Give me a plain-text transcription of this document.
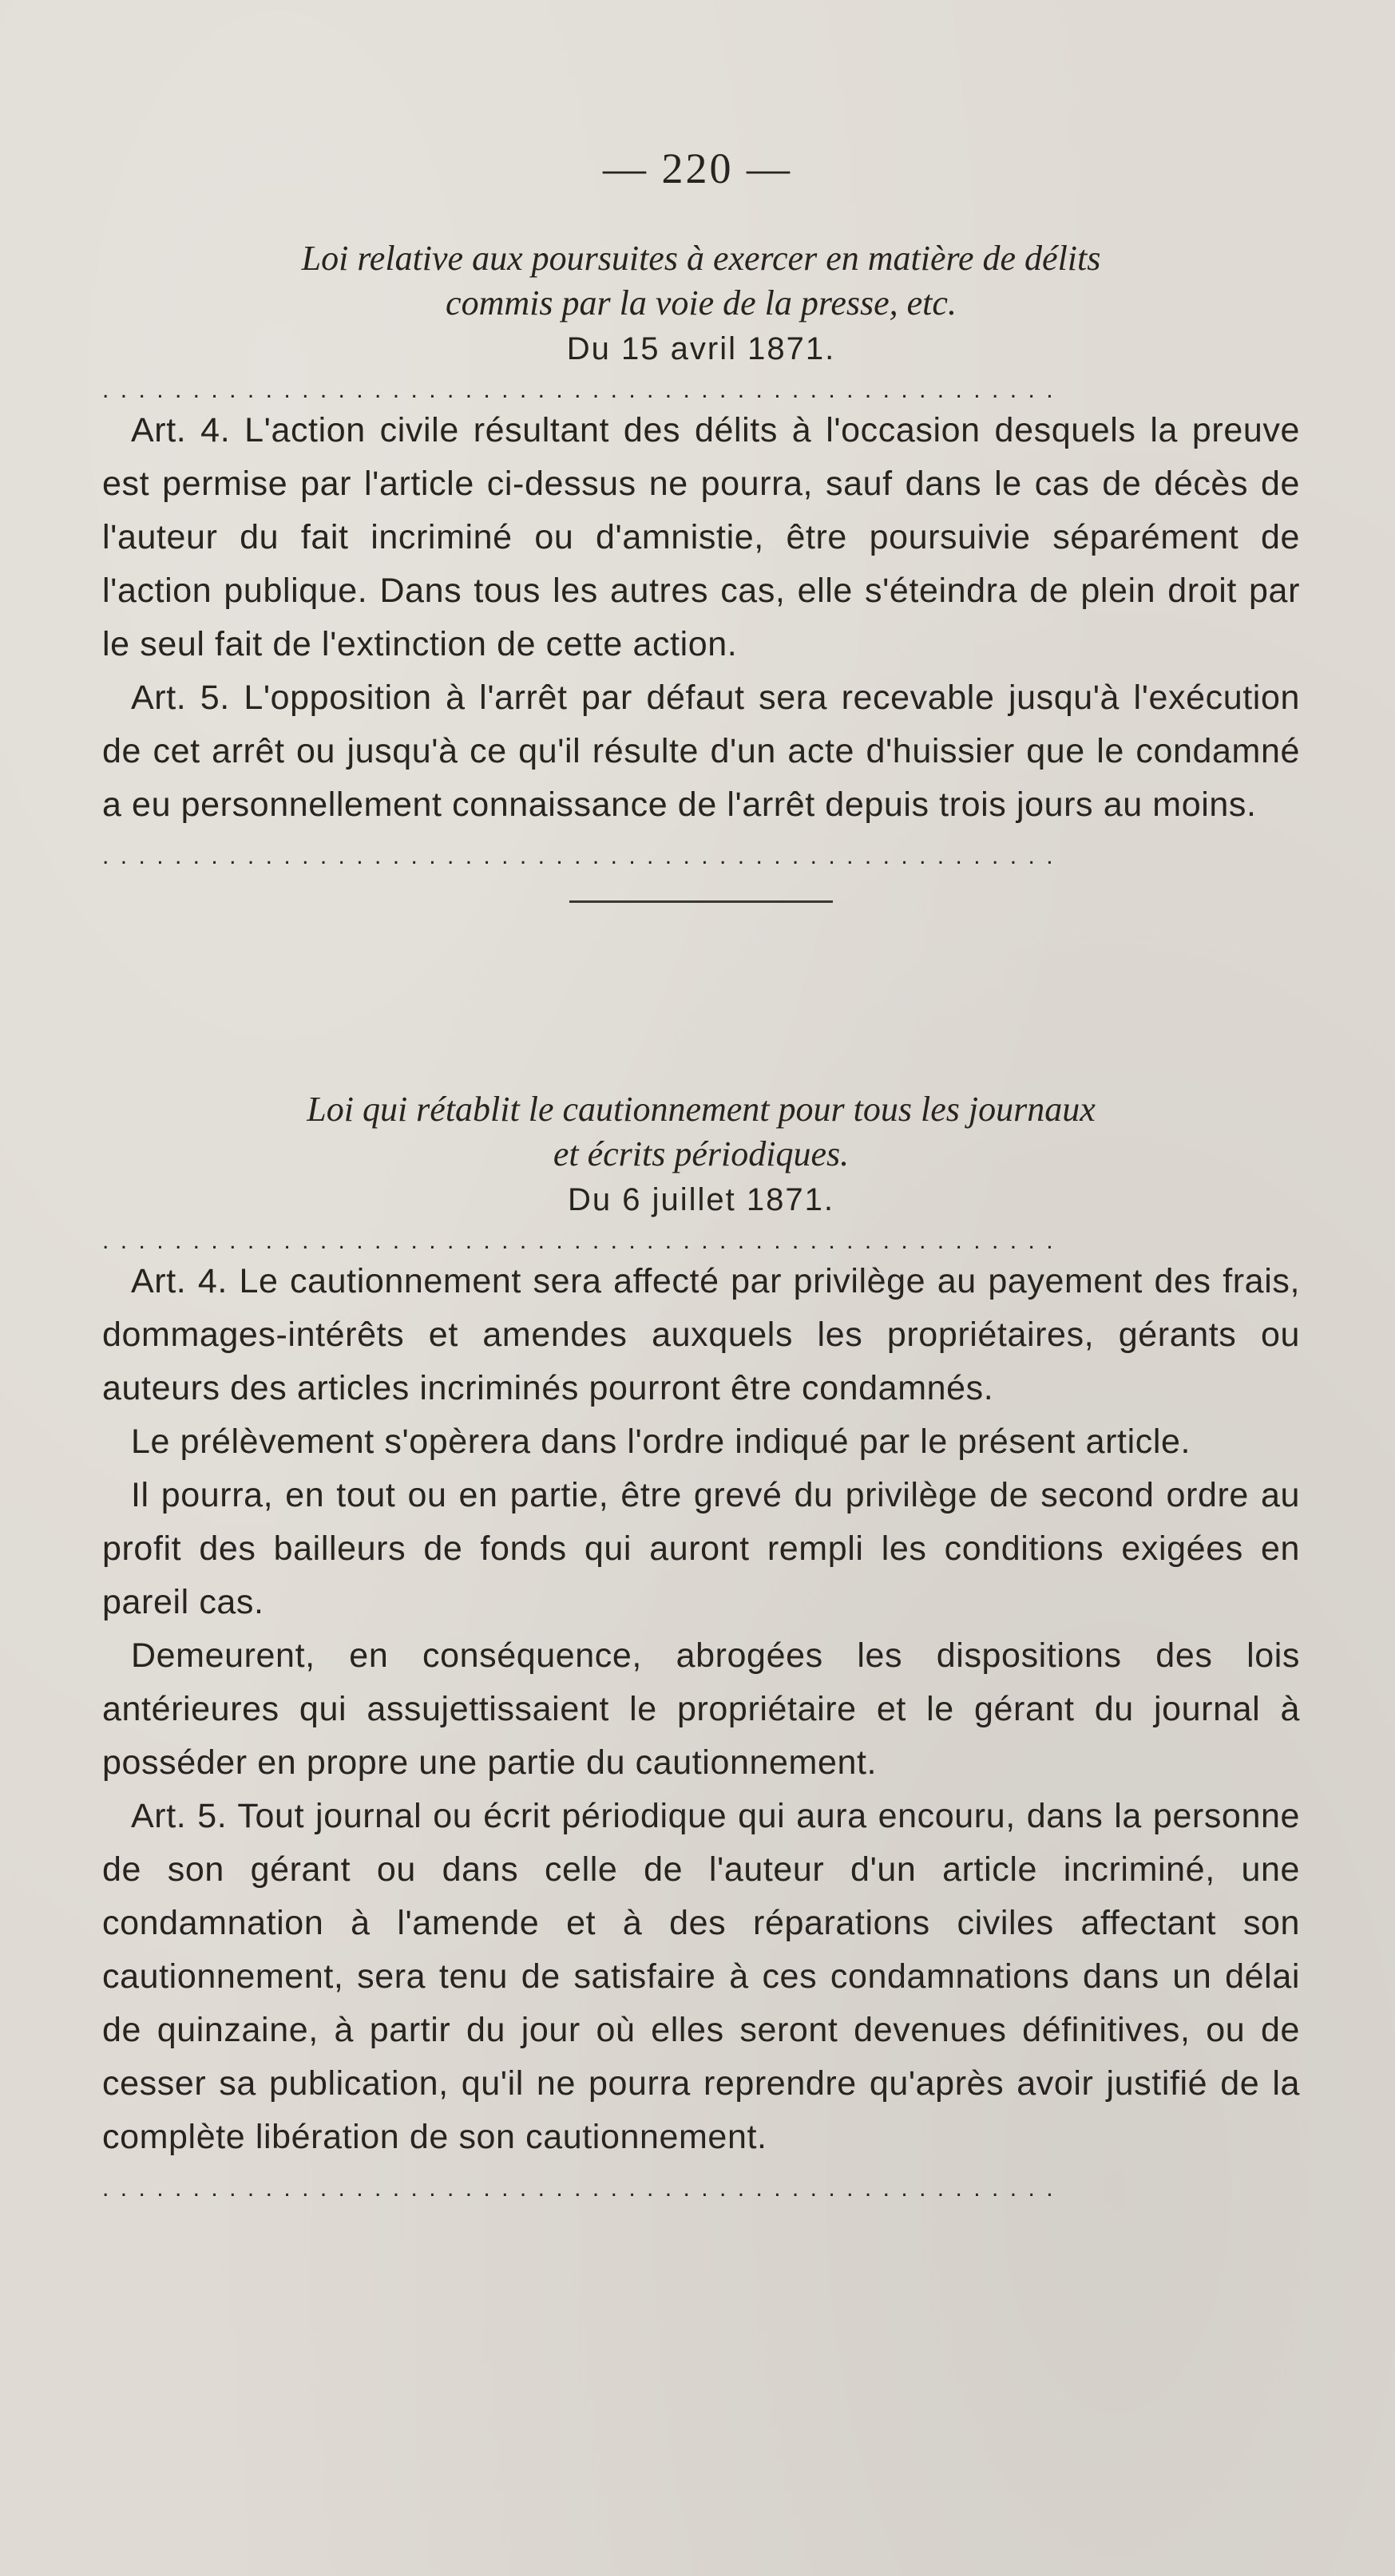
— 220 —
Loi relative aux poursuites à exercer en matière de délits
commis par la voie de la presse, etc.
Du 15 avril 1871.
.....................................................

Art. 4. L'action civile résultant des délits à l'occasion desquels la preuve est permise par l'article ci-dessus ne pourra, sauf dans le cas de décès de l'auteur du fait incriminé ou d'amnistie, être poursuivie séparément de l'action publique. Dans tous les autres cas, elle s'éteindra de plein droit par le seul fait de l'extinction de cette action.

Art. 5. L'opposition à l'arrêt par défaut sera recevable jusqu'à l'exécution de cet arrêt ou jusqu'à ce qu'il résulte d'un acte d'huissier que le condamné a eu personnellement connaissance de l'arrêt depuis trois jours au moins.

.....................................................
Loi qui rétablit le cautionnement pour tous les journaux
et écrits périodiques.
Du 6 juillet 1871.
.....................................................

Art. 4. Le cautionnement sera affecté par privilège au payement des frais, dommages-intérêts et amendes auxquels les propriétaires, gérants ou auteurs des articles incriminés pourront être condamnés.

Le prélèvement s'opèrera dans l'ordre indiqué par le présent article.

Il pourra, en tout ou en partie, être grevé du privilège de second ordre au profit des bailleurs de fonds qui auront rempli les conditions exigées en pareil cas.

Demeurent, en conséquence, abrogées les dispositions des lois antérieures qui assujettissaient le propriétaire et le gérant du journal à posséder en propre une partie du cautionnement.

Art. 5. Tout journal ou écrit périodique qui aura encouru, dans la personne de son gérant ou dans celle de l'auteur d'un article incriminé, une condamnation à l'amende et à des réparations civiles affectant son cautionnement, sera tenu de satisfaire à ces condamnations dans un délai de quinzaine, à partir du jour où elles seront devenues définitives, ou de cesser sa publication, qu'il ne pourra reprendre qu'après avoir justifié de la complète libération de son cautionnement.

.....................................................
